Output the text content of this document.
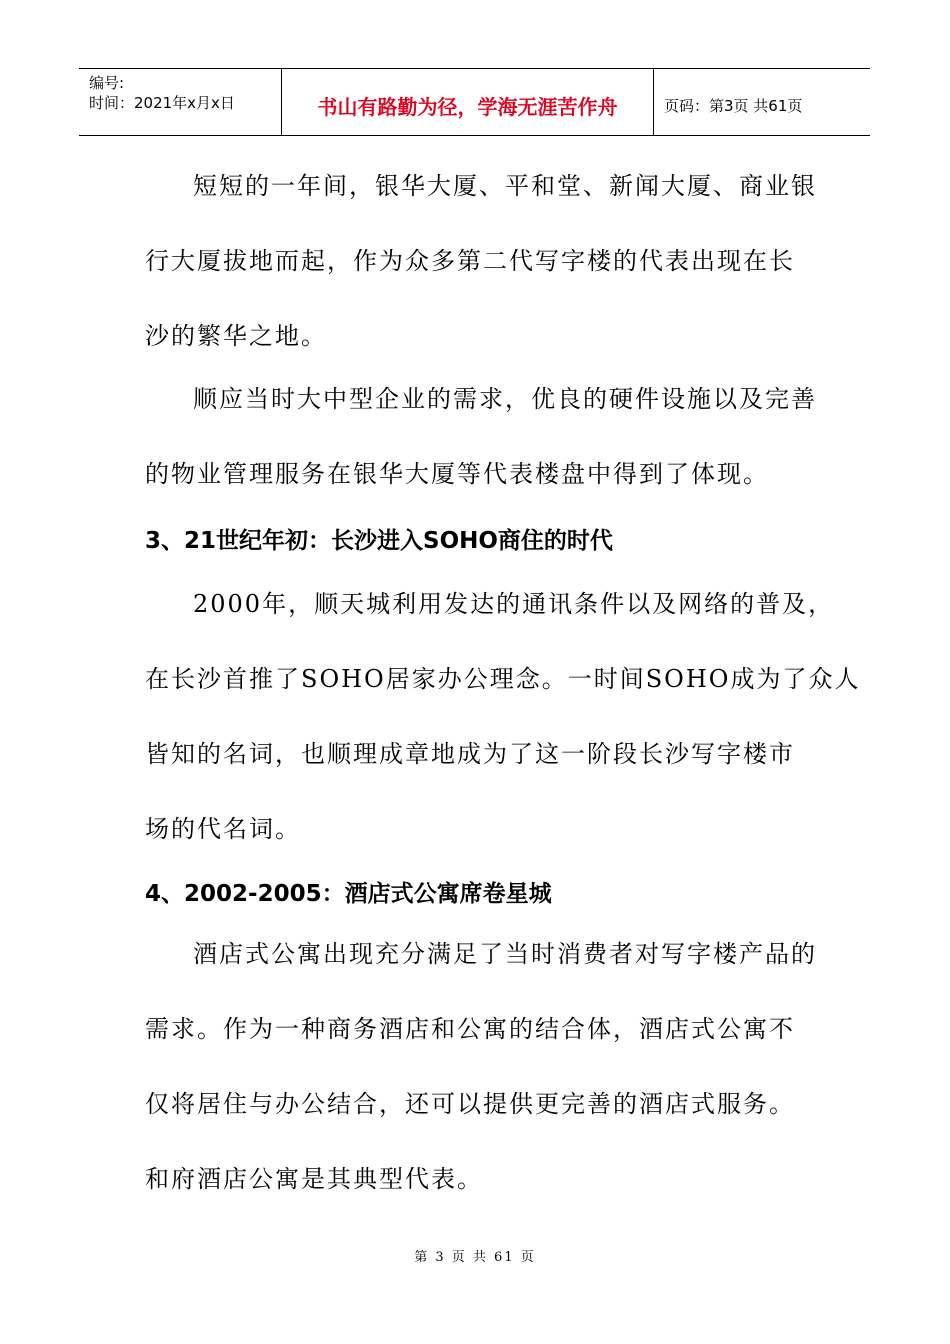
编号:
时间：2021年x月x日	书山有路勤为径，学海无涯苦作舟	页码：第3页 共61页
短短的一年间，银华大厦、平和堂、新闻大厦、商业银
行大厦拔地而起，作为众多第二代写字楼的代表出现在长
沙的繁华之地。
顺应当时大中型企业的需求，优良的硬件设施以及完善
的物业管理服务在银华大厦等代表楼盘中得到了体现。
3、21世纪年初：长沙进入SOHO商住的时代
2000年，顺天城利用发达的通讯条件以及网络的普及，
在长沙首推了SOHO居家办公理念。一时间SOHO成为了众人
皆知的名词，也顺理成章地成为了这一阶段长沙写字楼市
场的代名词。
4、2002-2005：酒店式公寓席卷星城
酒店式公寓出现充分满足了当时消费者对写字楼产品的
需求。作为一种商务酒店和公寓的结合体，酒店式公寓不
仅将居住与办公结合，还可以提供更完善的酒店式服务。
和府酒店公寓是其典型代表。
第 3 页 共 61 页
